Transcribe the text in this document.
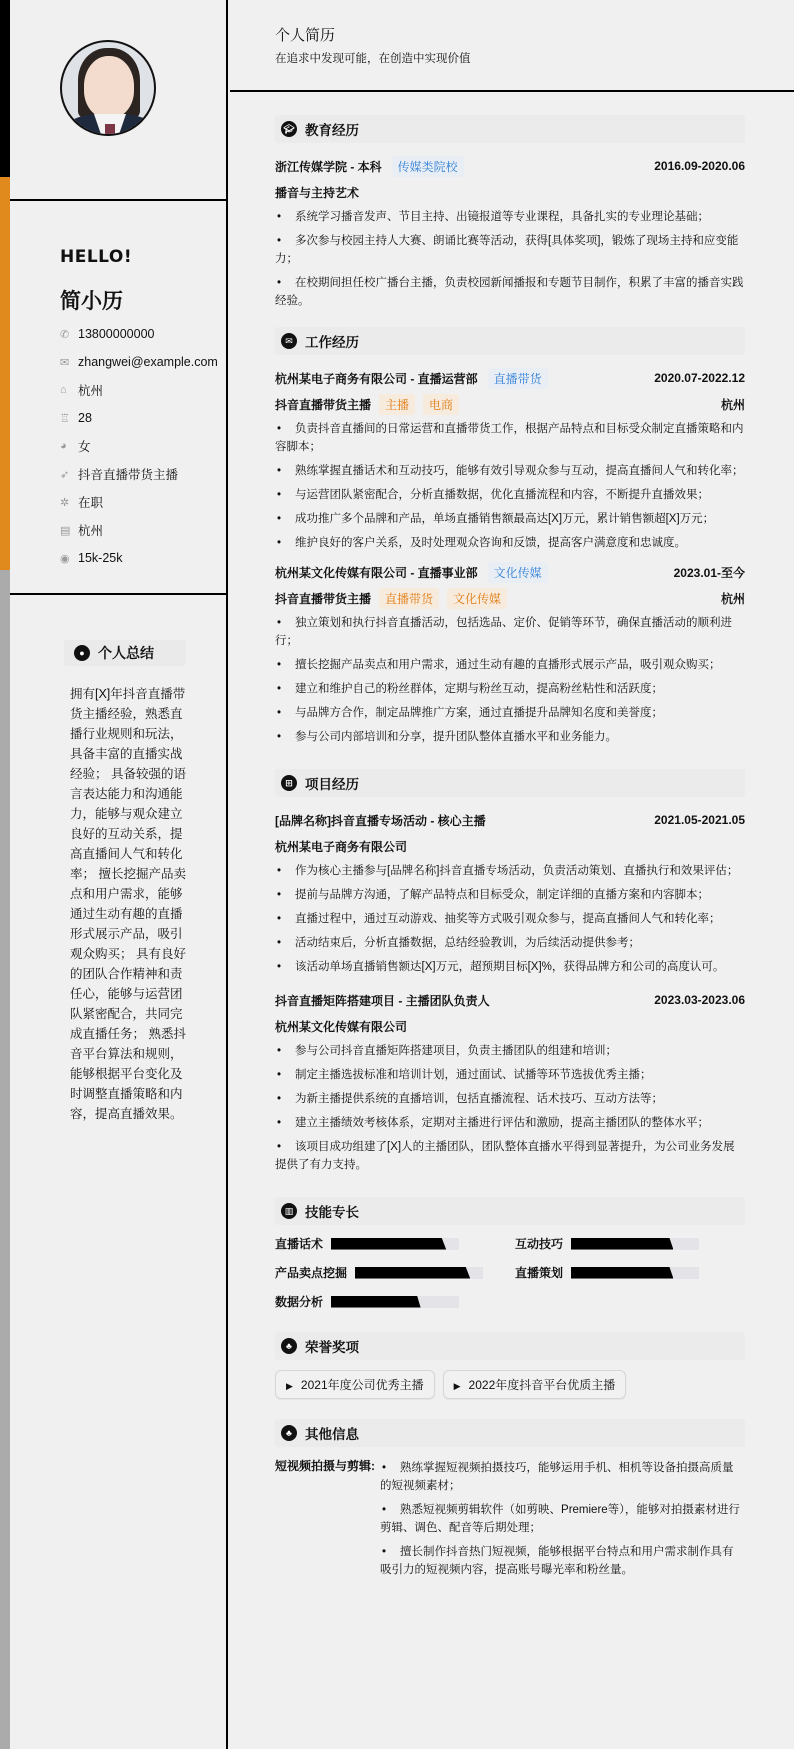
HELLO!
简小历
✆ 13800000000
✉ zhangwei@example.com
⌂ 杭州
♖ 28
◕ 女
➶ 抖音直播带货主播
✲ 在职
▤ 杭州
◉ 15k-25k
● 个人总结
拥有[X]年抖音直播带货主播经验，熟悉直播行业规则和玩法，具备丰富的直播实战经验； 具备较强的语言表达能力和沟通能力，能够与观众建立良好的互动关系，提高直播间人气和转化率； 擅长挖掘产品卖点和用户需求，能够通过生动有趣的直播形式展示产品，吸引观众购买； 具有良好的团队合作精神和责任心，能够与运营团队紧密配合，共同完成直播任务； 熟悉抖音平台算法和规则，能够根据平台变化及时调整直播策略和内容，提高直播效果。
个人简历
在追求中发现可能，在创造中实现价值
🎓︎ 教育经历
浙江传媒学院 - 本科	传媒类院校	2016.09-2020.06
播音与主持艺术
• 系统学习播音发声、节目主持、出镜报道等专业课程，具备扎实的专业理论基础；
• 多次参与校园主持人大赛、朗诵比赛等活动，获得[具体奖项]，锻炼了现场主持和应变能力；
• 在校期间担任校广播台主播，负责校园新闻播报和专题节目制作，积累了丰富的播音实践经验。
✉︎ 工作经历
杭州某电子商务有限公司 - 直播运营部	直播带货	2020.07-2022.12
抖音直播带货主播	主播	电商	杭州
• 负责抖音直播间的日常运营和直播带货工作，根据产品特点和目标受众制定直播策略和内容脚本；
• 熟练掌握直播话术和互动技巧，能够有效引导观众参与互动，提高直播间人气和转化率；
• 与运营团队紧密配合，分析直播数据，优化直播流程和内容，不断提升直播效果；
• 成功推广多个品牌和产品，单场直播销售额最高达[X]万元，累计销售额超[X]万元；
• 维护良好的客户关系，及时处理观众咨询和反馈，提高客户满意度和忠诚度。
杭州某文化传媒有限公司 - 直播事业部	文化传媒	2023.01-至今
抖音直播带货主播	直播带货	文化传媒	杭州
• 独立策划和执行抖音直播活动，包括选品、定价、促销等环节，确保直播活动的顺利进行；
• 擅长挖掘产品卖点和用户需求，通过生动有趣的直播形式展示产品，吸引观众购买；
• 建立和维护自己的粉丝群体，定期与粉丝互动，提高粉丝粘性和活跃度；
• 与品牌方合作，制定品牌推广方案，通过直播提升品牌知名度和美誉度；
• 参与公司内部培训和分享，提升团队整体直播水平和业务能力。
⊞ 项目经历
[品牌名称]抖音直播专场活动 - 核心主播	2021.05-2021.05
杭州某电子商务有限公司
• 作为核心主播参与[品牌名称]抖音直播专场活动，负责活动策划、直播执行和效果评估；
• 提前与品牌方沟通，了解产品特点和目标受众，制定详细的直播方案和内容脚本；
• 直播过程中，通过互动游戏、抽奖等方式吸引观众参与，提高直播间人气和转化率；
• 活动结束后，分析直播数据，总结经验教训，为后续活动提供参考；
• 该活动单场直播销售额达[X]万元，超预期目标[X]%，获得品牌方和公司的高度认可。
抖音直播矩阵搭建项目 - 主播团队负责人	2023.03-2023.06
杭州某文化传媒有限公司
• 参与公司抖音直播矩阵搭建项目，负责主播团队的组建和培训；
• 制定主播选拔标准和培训计划，通过面试、试播等环节选拔优秀主播；
• 为新主播提供系统的直播培训，包括直播流程、话术技巧、互动方法等；
• 建立主播绩效考核体系，定期对主播进行评估和激励，提高主播团队的整体水平；
• 该项目成功组建了[X]人的主播团队，团队整体直播水平得到显著提升，为公司业务发展提供了有力支持。
▥ 技能专长
直播话术	互动技巧
产品卖点挖掘	直播策划
数据分析
♣ 荣誉奖项
▶ 2021年度公司优秀主播	▶ 2022年度抖音平台优质主播
♣ 其他信息
短视频拍摄与剪辑:	• 熟练掌握短视频拍摄技巧，能够运用手机、相机等设备拍摄高质量的短视频素材；
• 熟悉短视频剪辑软件（如剪映、Premiere等），能够对拍摄素材进行剪辑、调色、配音等后期处理；
• 擅长制作抖音热门短视频，能够根据平台特点和用户需求制作具有吸引力的短视频内容，提高账号曝光率和粉丝量。
